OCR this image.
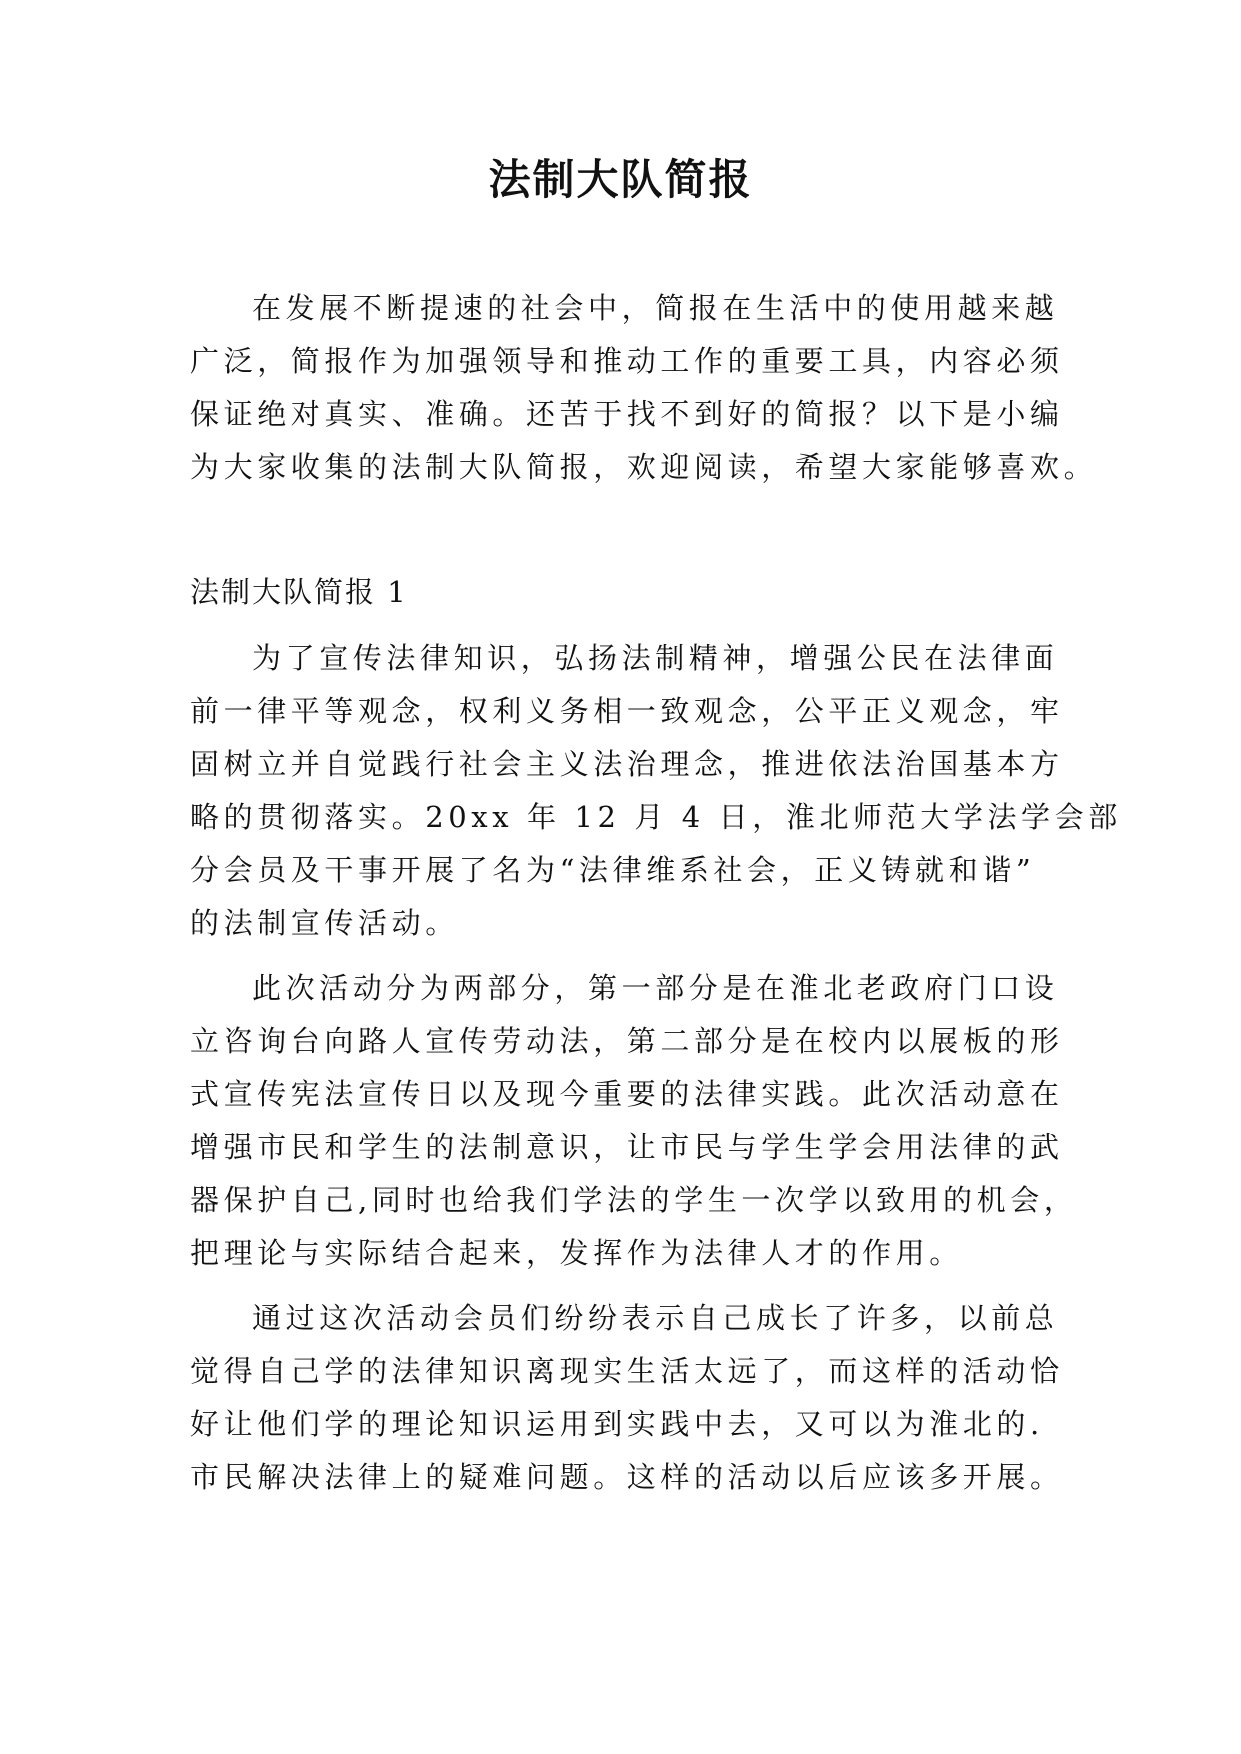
法制大队简报
在发展不断提速的社会中，简报在生活中的使用越来越
广泛，简报作为加强领导和推动工作的重要工具，内容必须
保证绝对真实、准确。还苦于找不到好的简报？以下是小编
为大家收集的法制大队简报，欢迎阅读，希望大家能够喜欢。
法制大队简报 1
为了宣传法律知识，弘扬法制精神，增强公民在法律面
前一律平等观念，权利义务相一致观念，公平正义观念，牢
固树立并自觉践行社会主义法治理念，推进依法治国基本方
略的贯彻落实。20xx 年 12 月 4 日，淮北师范大学法学会部
分会员及干事开展了名为“法律维系社会，正义铸就和谐”
的法制宣传活动。
此次活动分为两部分，第一部分是在淮北老政府门口设
立咨询台向路人宣传劳动法，第二部分是在校内以展板的形
式宣传宪法宣传日以及现今重要的法律实践。此次活动意在
增强市民和学生的法制意识，让市民与学生学会用法律的武
器保护自己,同时也给我们学法的学生一次学以致用的机会，
把理论与实际结合起来，发挥作为法律人才的作用。
通过这次活动会员们纷纷表示自己成长了许多，以前总
觉得自己学的法律知识离现实生活太远了，而这样的活动恰
好让他们学的理论知识运用到实践中去，又可以为淮北的.
市民解决法律上的疑难问题。这样的活动以后应该多开展。
